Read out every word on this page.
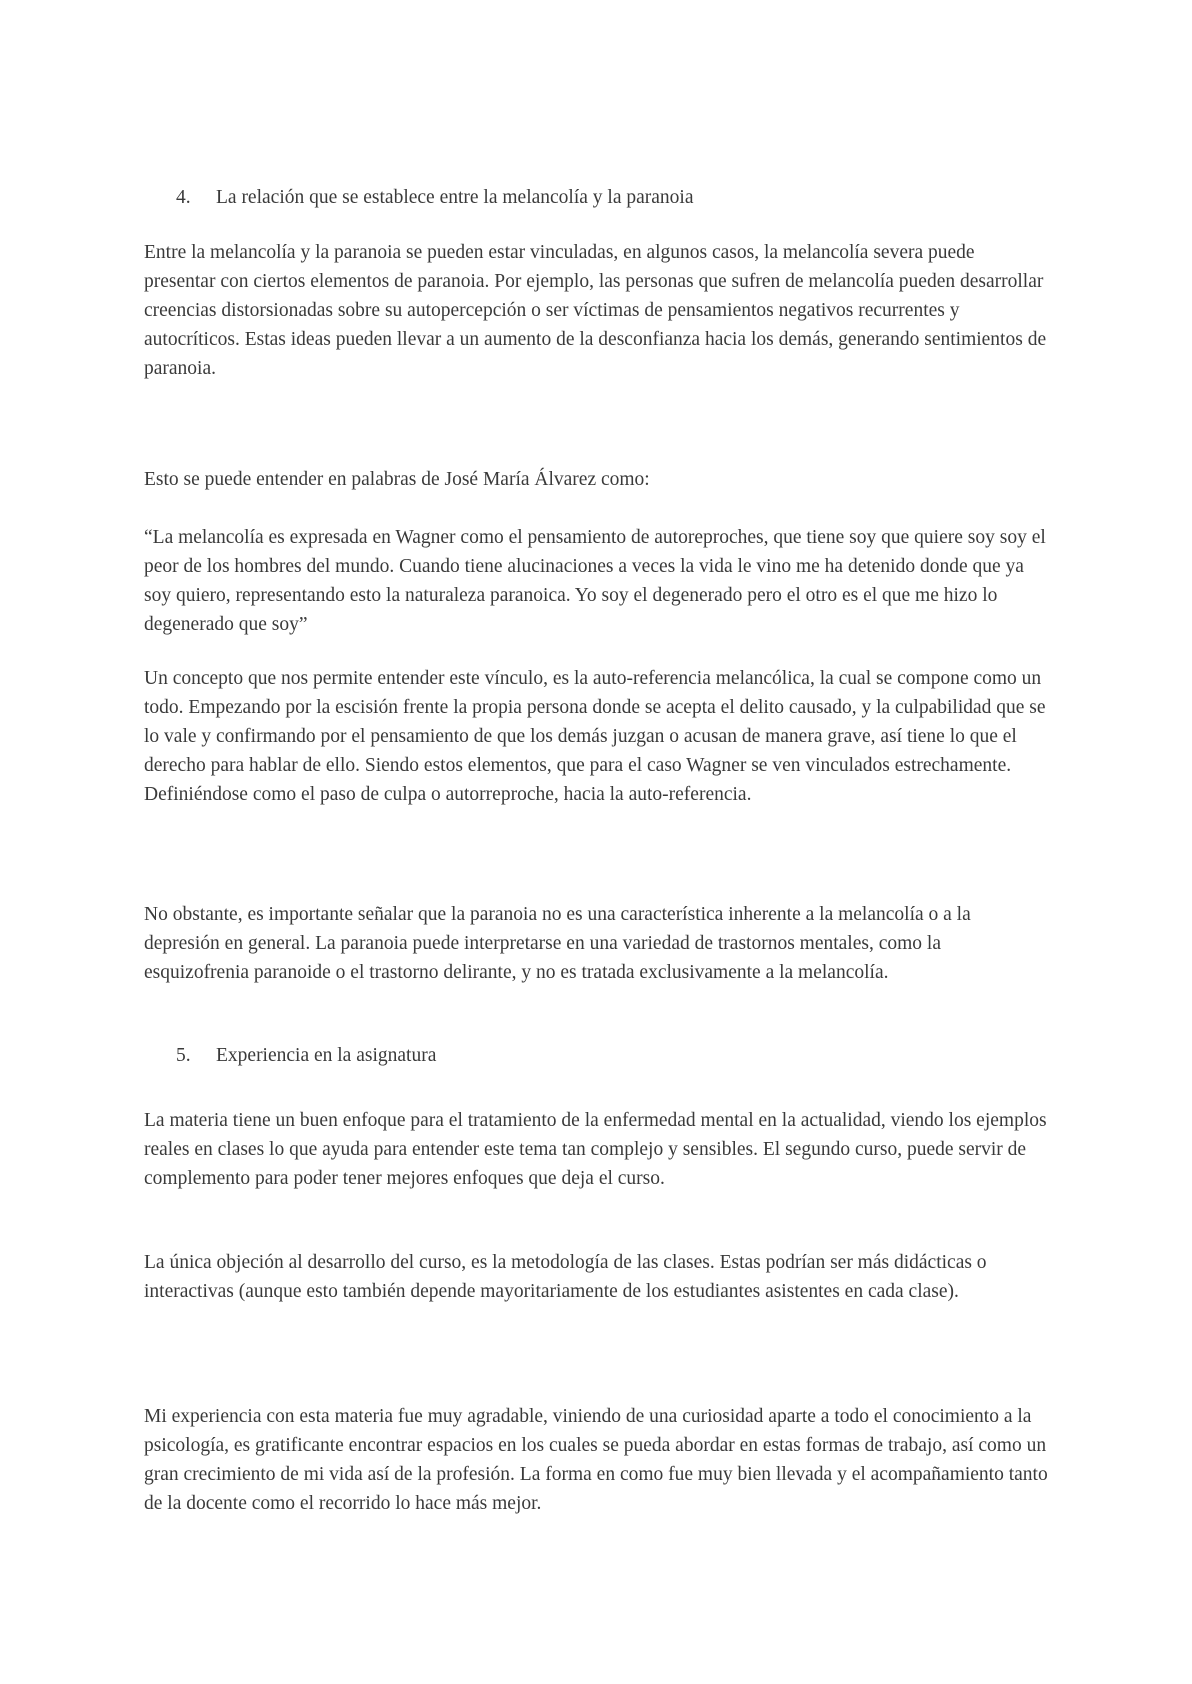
4. La relación que se establece entre la melancolía y la paranoia

Entre la melancolía y la paranoia se pueden estar vinculadas, en algunos casos, la melancolía severa puede presentar con ciertos elementos de paranoia. Por ejemplo, las personas que sufren de melancolía pueden desarrollar creencias distorsionadas sobre su autopercepción o ser víctimas de pensamientos negativos recurrentes y autocríticos. Estas ideas pueden llevar a un aumento de la desconfianza hacia los demás, generando sentimientos de paranoia.

Esto se puede entender en palabras de José María Álvarez como:

“La melancolía es expresada en Wagner como el pensamiento de autoreproches, que tiene soy que quiere soy soy el peor de los hombres del mundo. Cuando tiene alucinaciones a veces la vida le vino me ha detenido donde que ya soy quiero, representando esto la naturaleza paranoica. Yo soy el degenerado pero el otro es el que me hizo lo degenerado que soy”

Un concepto que nos permite entender este vínculo, es la auto-referencia melancólica, la cual se compone como un todo. Empezando por la escisión frente la propia persona donde se acepta el delito causado, y la culpabilidad que se lo vale y confirmando por el pensamiento de que los demás juzgan o acusan de manera grave, así tiene lo que el derecho para hablar de ello. Siendo estos elementos, que para el caso Wagner se ven vinculados estrechamente. Definiéndose como el paso de culpa o autorreproche, hacia la auto-referencia.

No obstante, es importante señalar que la paranoia no es una característica inherente a la melancolía o a la depresión en general. La paranoia puede interpretarse en una variedad de trastornos mentales, como la esquizofrenia paranoide o el trastorno delirante, y no es tratada exclusivamente a la melancolía.

5. Experiencia en la asignatura

La materia tiene un buen enfoque para el tratamiento de la enfermedad mental en la actualidad, viendo los ejemplos reales en clases lo que ayuda para entender este tema tan complejo y sensibles. El segundo curso, puede servir de complemento para poder tener mejores enfoques que deja el curso.

La única objeción al desarrollo del curso, es la metodología de las clases. Estas podrían ser más didácticas o interactivas (aunque esto también depende mayoritariamente de los estudiantes asistentes en cada clase).

Mi experiencia con esta materia fue muy agradable, viniendo de una curiosidad aparte a todo el conocimiento a la psicología, es gratificante encontrar espacios en los cuales se pueda abordar en estas formas de trabajo, así como un gran crecimiento de mi vida así de la profesión. La forma en como fue muy bien llevada y el acompañamiento tanto de la docente como el recorrido lo hace más mejor.
